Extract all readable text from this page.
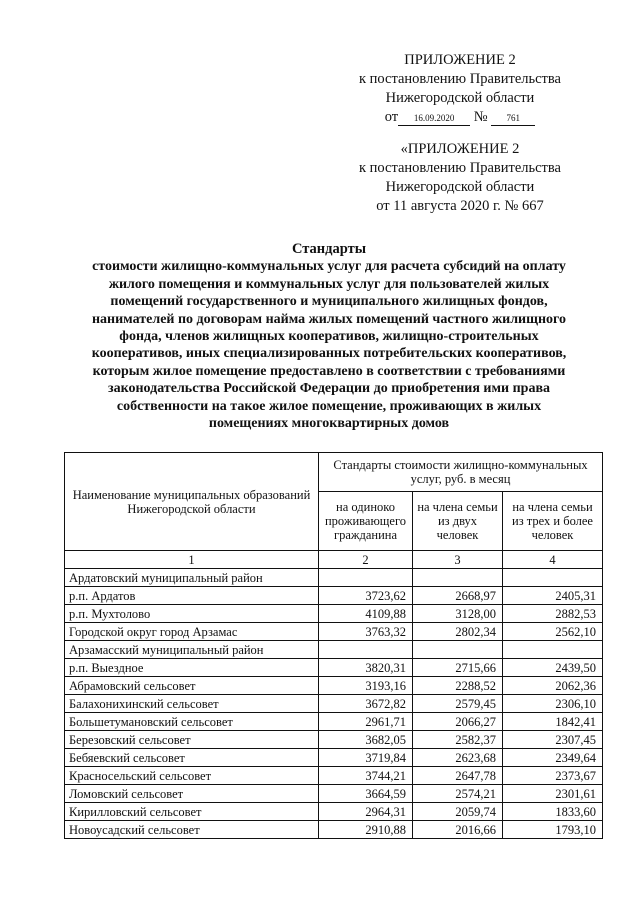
ПРИЛОЖЕНИЕ 2
к постановлению Правительства
Нижегородской области
от 16.09.2020 № 761
«ПРИЛОЖЕНИЕ 2
к постановлению Правительства
Нижегородской области
от 11 августа 2020 г. № 667
Стандарты
стоимости жилищно-коммунальных услуг для расчета субсидий на оплату
жилого помещения и коммунальных услуг для пользователей жилых
помещений государственного и муниципального жилищных фондов,
нанимателей по договорам найма жилых помещений частного жилищного
фонда, членов жилищных кооперативов, жилищно-строительных
кооперативов, иных специализированных потребительских кооперативов,
которым жилое помещение предоставлено в соответствии с требованиями
законодательства Российской Федерации до приобретения ими права
собственности на такое жилое помещение, проживающих в жилых
помещениях многоквартирных домов
Наименование муниципальных образований Нижегородской области	Стандарты стоимости жилищно-коммунальных услуг, руб. в месяц		
	на одиноко проживающего гражданина	на члена семьи из двух человек	на члена семьи из трех и более человек
1	2	3	4
Ардатовский муниципальный район			
р.п. Ардатов	3723,62	2668,97	2405,31
р.п. Мухтолово	4109,88	3128,00	2882,53
Городской округ город Арзамас	3763,32	2802,34	2562,10
Арзамасский муниципальный район			
р.п. Выездное	3820,31	2715,66	2439,50
Абрамовский сельсовет	3193,16	2288,52	2062,36
Балахонихинский сельсовет	3672,82	2579,45	2306,10
Большетумановский сельсовет	2961,71	2066,27	1842,41
Березовский сельсовет	3682,05	2582,37	2307,45
Бебяевский сельсовет	3719,84	2623,68	2349,64
Красносельский сельсовет	3744,21	2647,78	2373,67
Ломовский сельсовет	3664,59	2574,21	2301,61
Кирилловский сельсовет	2964,31	2059,74	1833,60
Новоусадский сельсовет	2910,88	2016,66	1793,10
